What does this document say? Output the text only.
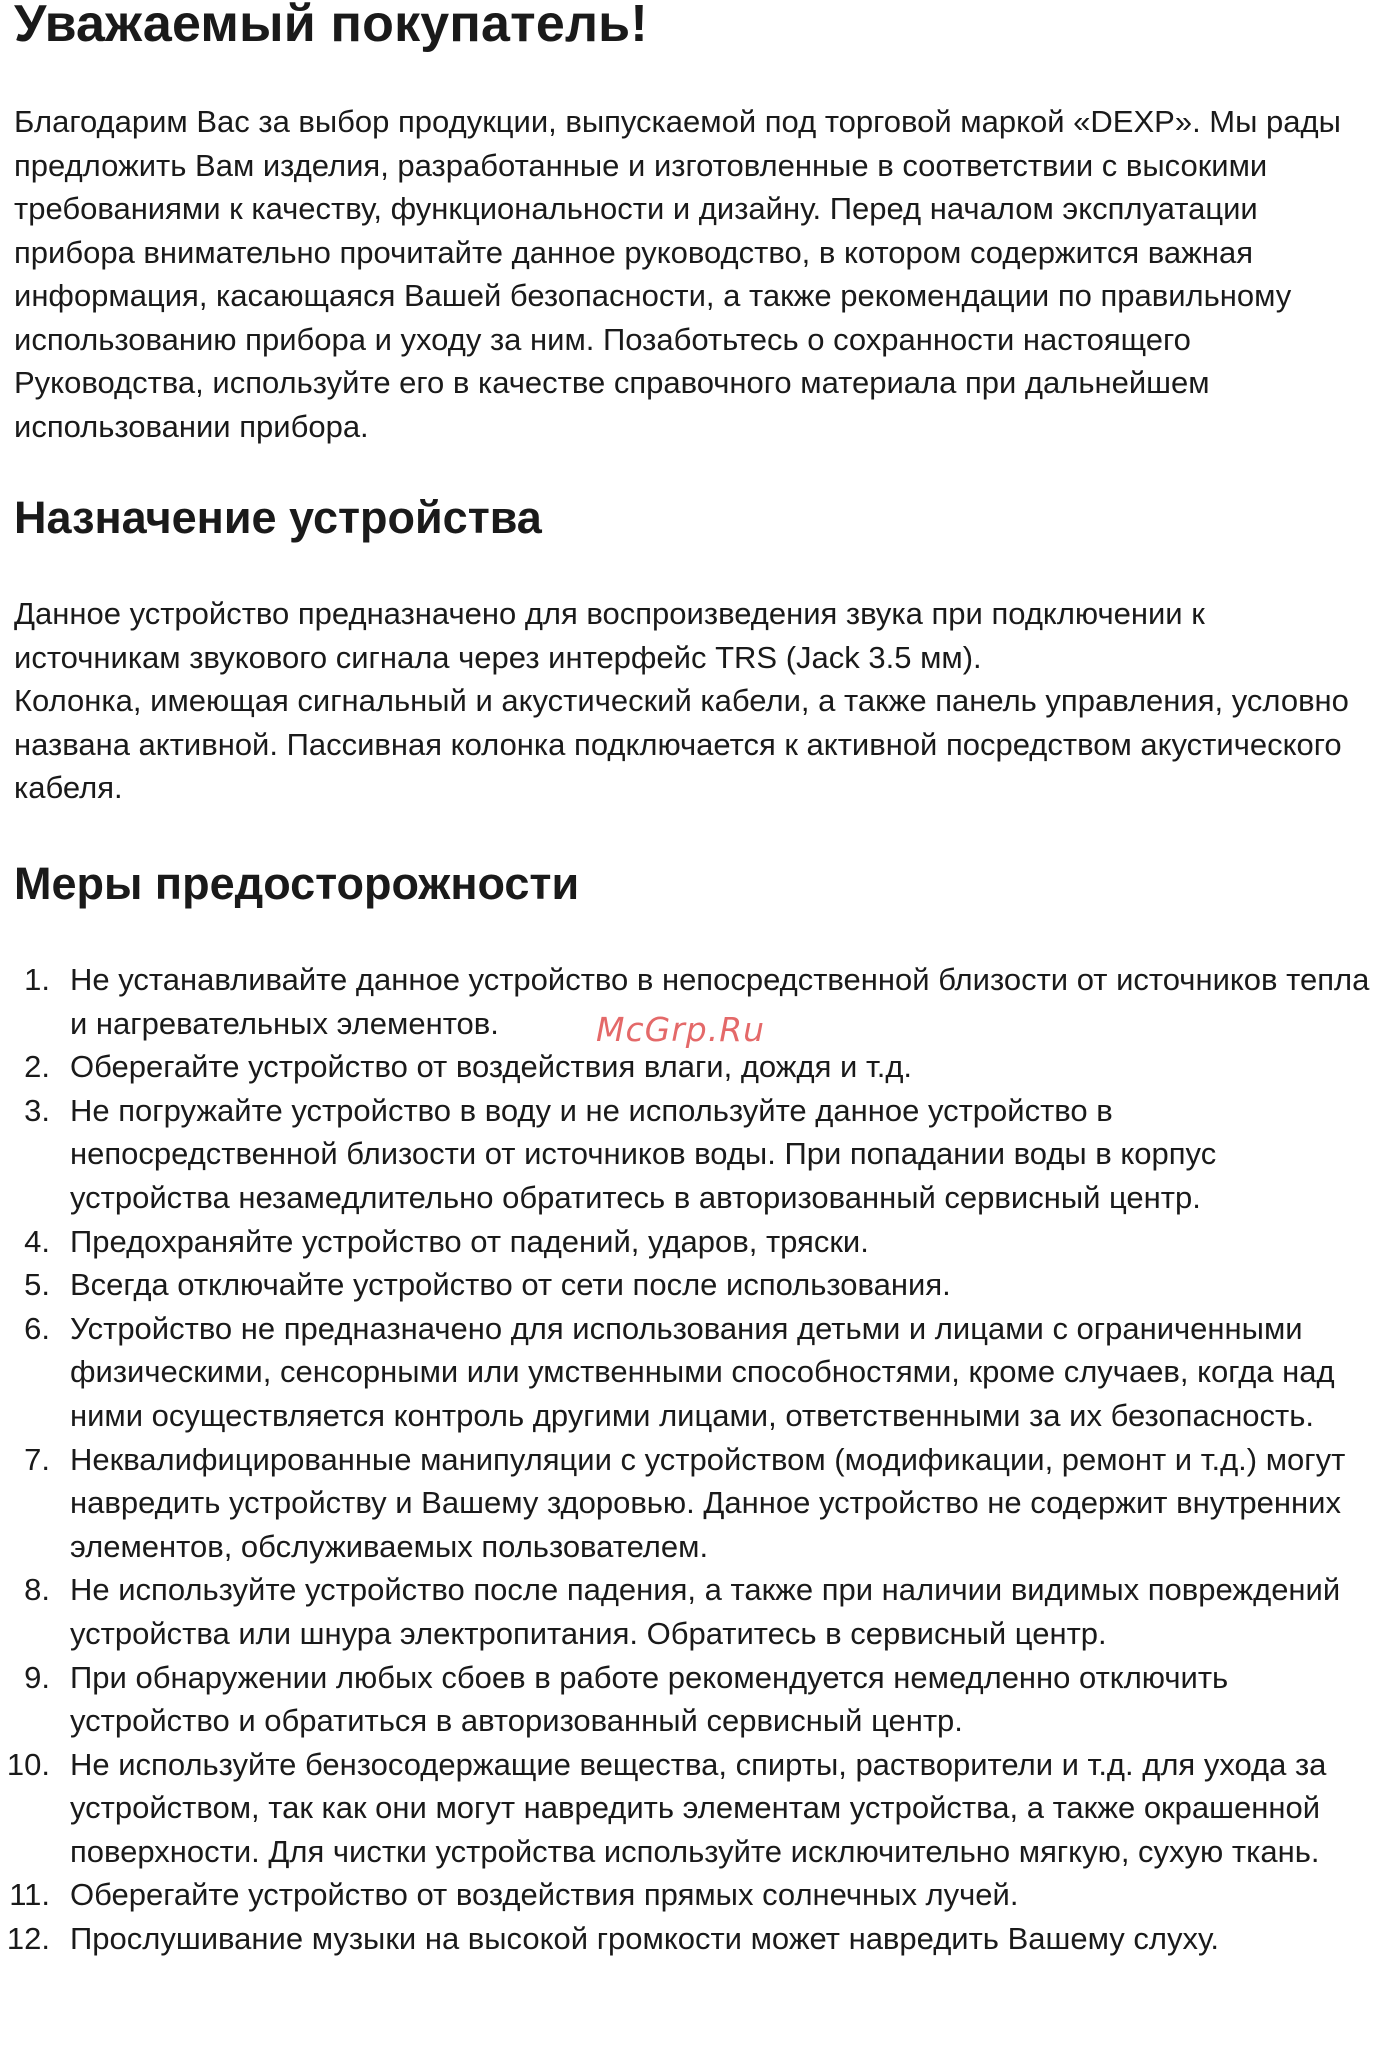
Уважаемый покупатель!

Благодарим Вас за выбор продукции, выпускаемой под торговой маркой «DEXP». Мы рады предложить Вам изделия, разработанные и изготовленные в соответствии с высокими требованиями к качеству, функциональности и дизайну. Перед началом эксплуатации прибора внимательно прочитайте данное руководство, в котором содержится важная информация, касающаяся Вашей безопасности, а также рекомендации по правильному использованию прибора и уходу за ним. Позаботьтесь о сохранности настоящего Руководства, используйте его в качестве справочного материала при дальнейшем использовании прибора.

Назначение устройства
Данное устройство предназначено для воспроизведения звука при подключении к источникам звукового сигнала через интерфейс TRS (Jack 3.5 мм).
Колонка, имеющая сигнальный и акустический кабели, а также панель управления, условно названа активной. Пассивная колонка подключается к активной посредством акустического кабеля.
Меры предосторожности
1. Не устанавливайте данное устройство в непосредственной близости от источников тепла и нагревательных элементов.
2. Оберегайте устройство от воздействия влаги, дождя и т.д.
3. Не погружайте устройство в воду и не используйте данное устройство в непосредственной близости от источников воды. При попадании воды в корпус устройства незамедлительно обратитесь в авторизованный сервисный центр.
4. Предохраняйте устройство от падений, ударов, тряски.
5. Всегда отключайте устройство от сети после использования.
6. Устройство не предназначено для использования детьми и лицами с ограниченными физическими, сенсорными или умственными способностями, кроме случаев, когда над ними осуществляется контроль другими лицами, ответственными за их безопасность.
7. Неквалифицированные манипуляции с устройством (модификации, ремонт и т.д.) могут навредить устройству и Вашему здоровью. Данное устройство не содержит внутренних элементов, обслуживаемых пользователем.
8. Не используйте устройство после падения, а также при наличии видимых повреждений устройства или шнура электропитания. Обратитесь в сервисный центр.
9. При обнаружении любых сбоев в работе рекомендуется немедленно отключить устройство и обратиться в авторизованный сервисный центр.
10. Не используйте бензосодержащие вещества, спирты, растворители и т.д. для ухода за устройством, так как они могут навредить элементам устройства, а также окрашенной поверхности. Для чистки устройства используйте исключительно мягкую, сухую ткань.
11. Оберегайте устройство от воздействия прямых солнечных лучей.
12. Прослушивание музыки на высокой громкости может навредить Вашему слуху.
McGrp.Ru
